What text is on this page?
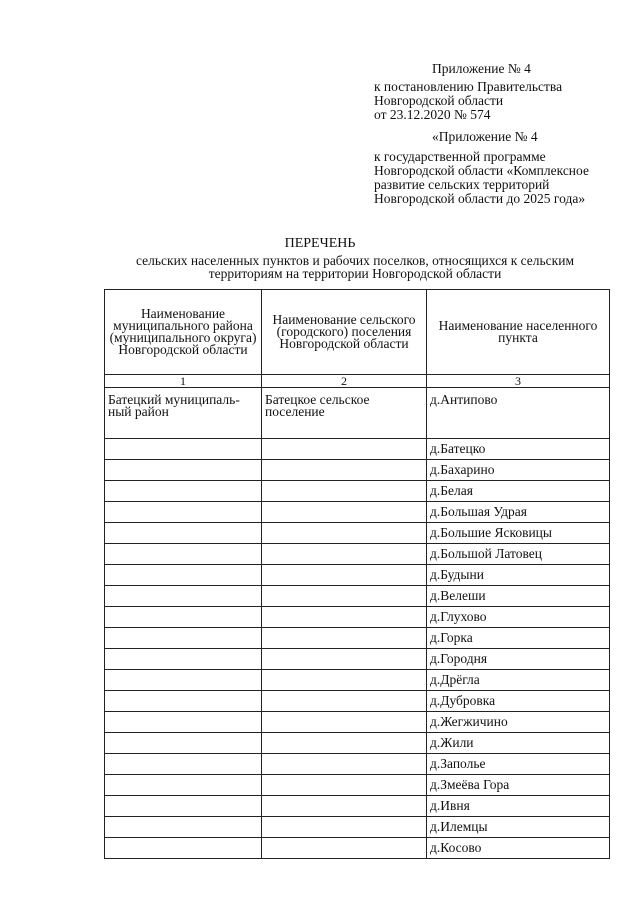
Приложение № 4
к постановлению Правительства
Новгородской области
от 23.12.2020 № 574
«Приложение № 4
к государственной программе
Новгородской области «Комплексное
развитие сельских территорий
Новгородской области до 2025 года»
ПЕРЕЧЕНЬ
сельских населенных пунктов и рабочих поселков, относящихся к сельским
территориям на территории Новгородской области
Наименование муниципального района (муниципального округа) Новгородской области	Наименование сельского (городского) поселения Новгородской области	Наименование населенного пункта
1	2	3
Батецкий муниципаль-ный район	Батецкое сельское поселение	д.Антипово
		д.Батецко
		д.Бахарино
		д.Белая
		д.Большая Удрая
		д.Большие Ясковицы
		д.Большой Латовец
		д.Будыни
		д.Велеши
		д.Глухово
		д.Горка
		д.Городня
		д.Дрёгла
		д.Дубровка
		д.Жегжичино
		д.Жили
		д.Заполье
		д.Змеёва Гора
		д.Ивня
		д.Илемцы
		д.Косово
